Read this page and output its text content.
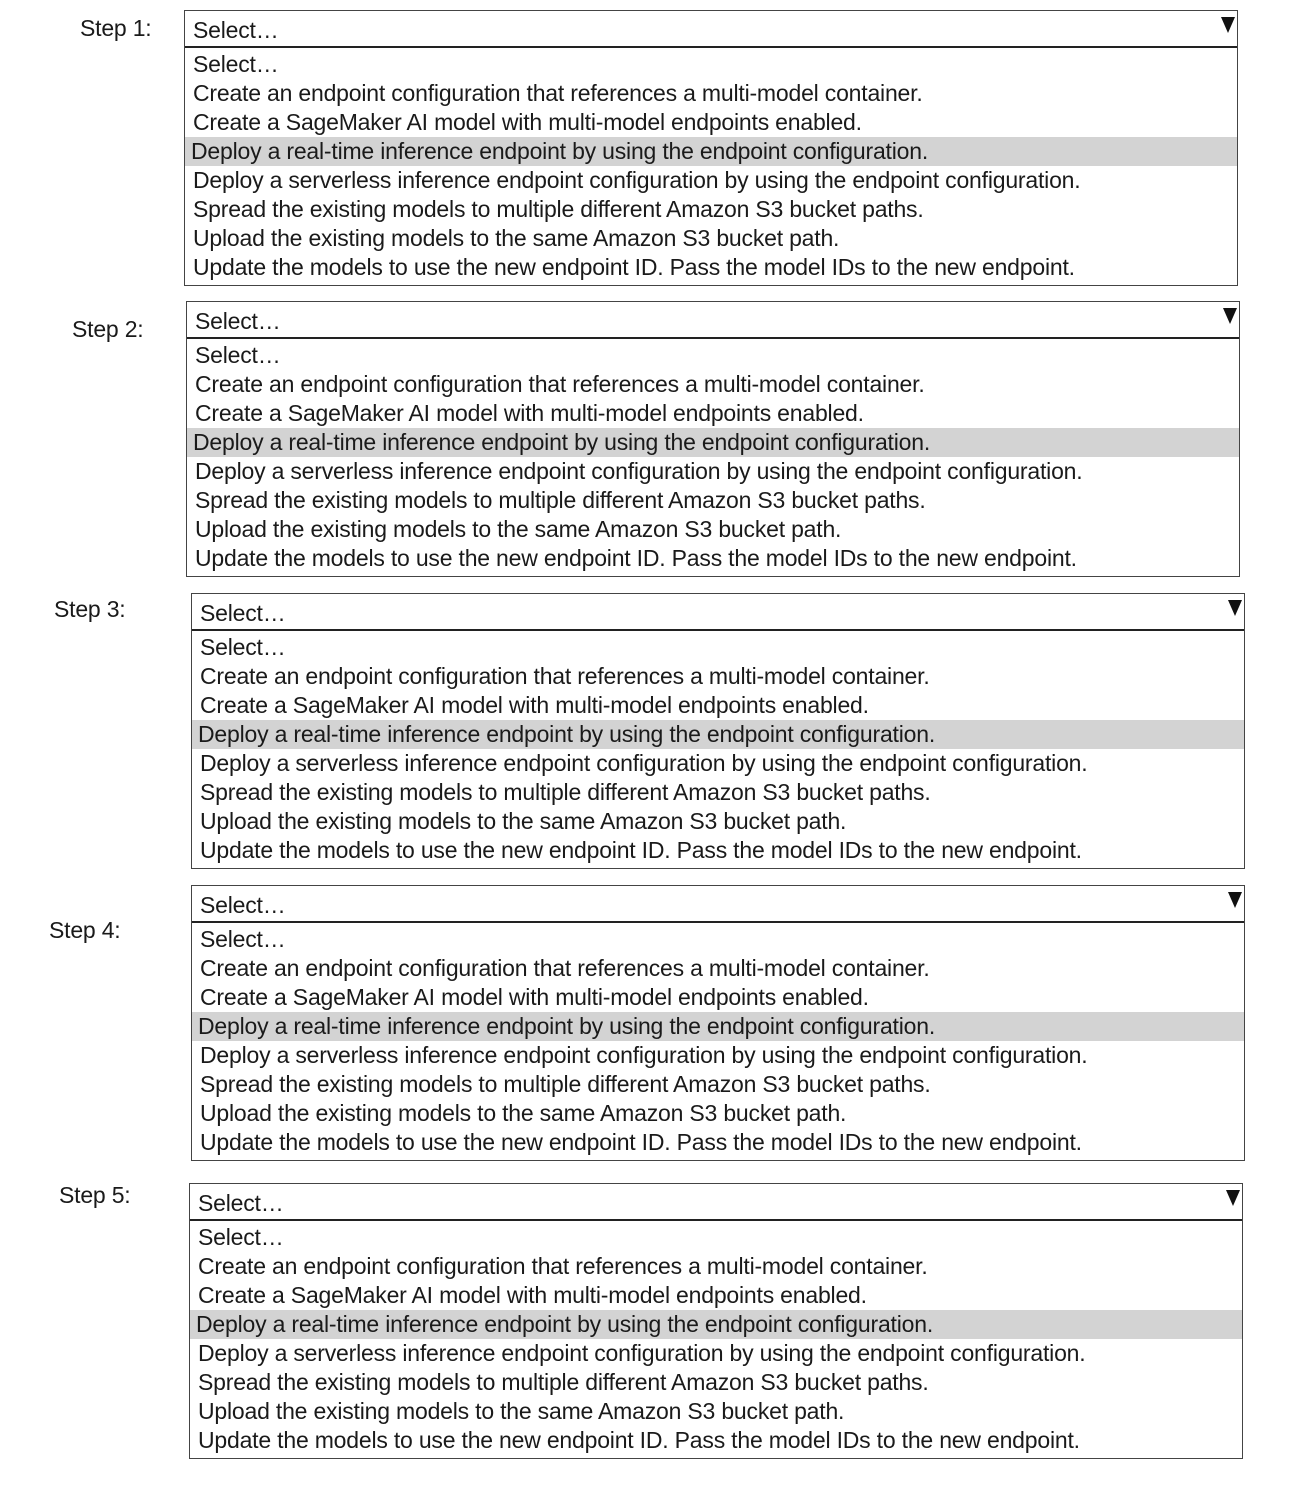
Step 1:	Select…
Select…
Create an endpoint configuration that references a multi-model container.
Create a SageMaker AI model with multi-model endpoints enabled.
Deploy a real-time inference endpoint by using the endpoint configuration.
Deploy a serverless inference endpoint configuration by using the endpoint configuration.
Spread the existing models to multiple different Amazon S3 bucket paths.
Upload the existing models to the same Amazon S3 bucket path.
Update the models to use the new endpoint ID. Pass the model IDs to the new endpoint.
Step 2:	Select…
Select…
Create an endpoint configuration that references a multi-model container.
Create a SageMaker AI model with multi-model endpoints enabled.
Deploy a real-time inference endpoint by using the endpoint configuration.
Deploy a serverless inference endpoint configuration by using the endpoint configuration.
Spread the existing models to multiple different Amazon S3 bucket paths.
Upload the existing models to the same Amazon S3 bucket path.
Update the models to use the new endpoint ID. Pass the model IDs to the new endpoint.
Step 3:	Select…
Select…
Create an endpoint configuration that references a multi-model container.
Create a SageMaker AI model with multi-model endpoints enabled.
Deploy a real-time inference endpoint by using the endpoint configuration.
Deploy a serverless inference endpoint configuration by using the endpoint configuration.
Spread the existing models to multiple different Amazon S3 bucket paths.
Upload the existing models to the same Amazon S3 bucket path.
Update the models to use the new endpoint ID. Pass the model IDs to the new endpoint.
Step 4:
Select…
Select…
Create an endpoint configuration that references a multi-model container.
Create a SageMaker AI model with multi-model endpoints enabled.
Deploy a real-time inference endpoint by using the endpoint configuration.
Deploy a serverless inference endpoint configuration by using the endpoint configuration.
Spread the existing models to multiple different Amazon S3 bucket paths.
Upload the existing models to the same Amazon S3 bucket path.
Update the models to use the new endpoint ID. Pass the model IDs to the new endpoint.
Step 5:	Select…
Select…
Create an endpoint configuration that references a multi-model container.
Create a SageMaker AI model with multi-model endpoints enabled.
Deploy a real-time inference endpoint by using the endpoint configuration.
Deploy a serverless inference endpoint configuration by using the endpoint configuration.
Spread the existing models to multiple different Amazon S3 bucket paths.
Upload the existing models to the same Amazon S3 bucket path.
Update the models to use the new endpoint ID. Pass the model IDs to the new endpoint.
